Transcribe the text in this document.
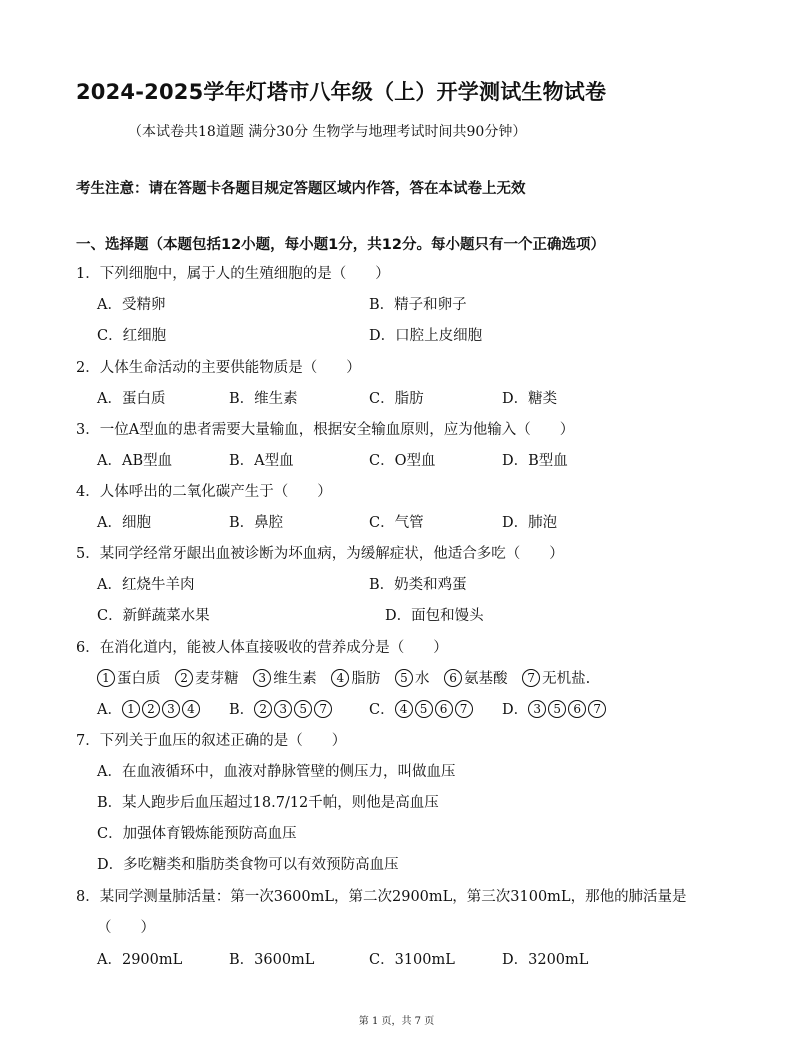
2024-2025学年灯塔市八年级（上）开学测试生物试卷
（本试卷共18道题 满分30分 生物学与地理考试时间共90分钟）
考生注意：请在答题卡各题目规定答题区域内作答，答在本试卷上无效
一、选择题（本题包括12小题，每小题1分，共12分。每小题只有一个正确选项）
1．下列细胞中，属于人的生殖细胞的是（　　）
A．受精卵	B．精子和卵子
C．红细胞	D．口腔上皮细胞
2．人体生命活动的主要供能物质是（　　）
A．蛋白质	B．维生素	C．脂肪	D．糖类
3．一位A型血的患者需要大量输血，根据安全输血原则，应为他输入（　　）
A．AB型血	B．A型血	C．O型血	D．B型血
4．人体呼出的二氧化碳产生于（　　）
A．细胞	B．鼻腔	C．气管	D．肺泡
5．某同学经常牙龈出血被诊断为坏血病，为缓解症状，他适合多吃（　　）
A．红烧牛羊肉	B．奶类和鸡蛋
C．新鲜蔬菜水果	D．面包和馒头
6．在消化道内，能被人体直接吸收的营养成分是（　　）
1 蛋白质 2 麦芽糖 3 维生素 4 脂肪 5 水 6 氨基酸 7 无机盐.
A． 1 2 3 4	B． 2 3 5 7	C． 4 5 6 7	D． 3 5 6 7
7．下列关于血压的叙述正确的是（　　）
A．在血液循环中，血液对静脉管壁的侧压力，叫做血压
B．某人跑步后血压超过18.7/12千帕，则他是高血压
C．加强体育锻炼能预防高血压
D．多吃糖类和脂肪类食物可以有效预防高血压
8．某同学测量肺活量：第一次3600mL，第二次2900mL，第三次3100mL，那他的肺活量是
（　　）
A．2900mL	B．3600mL	C．3100mL	D．3200mL
第 1 页，共 7 页
